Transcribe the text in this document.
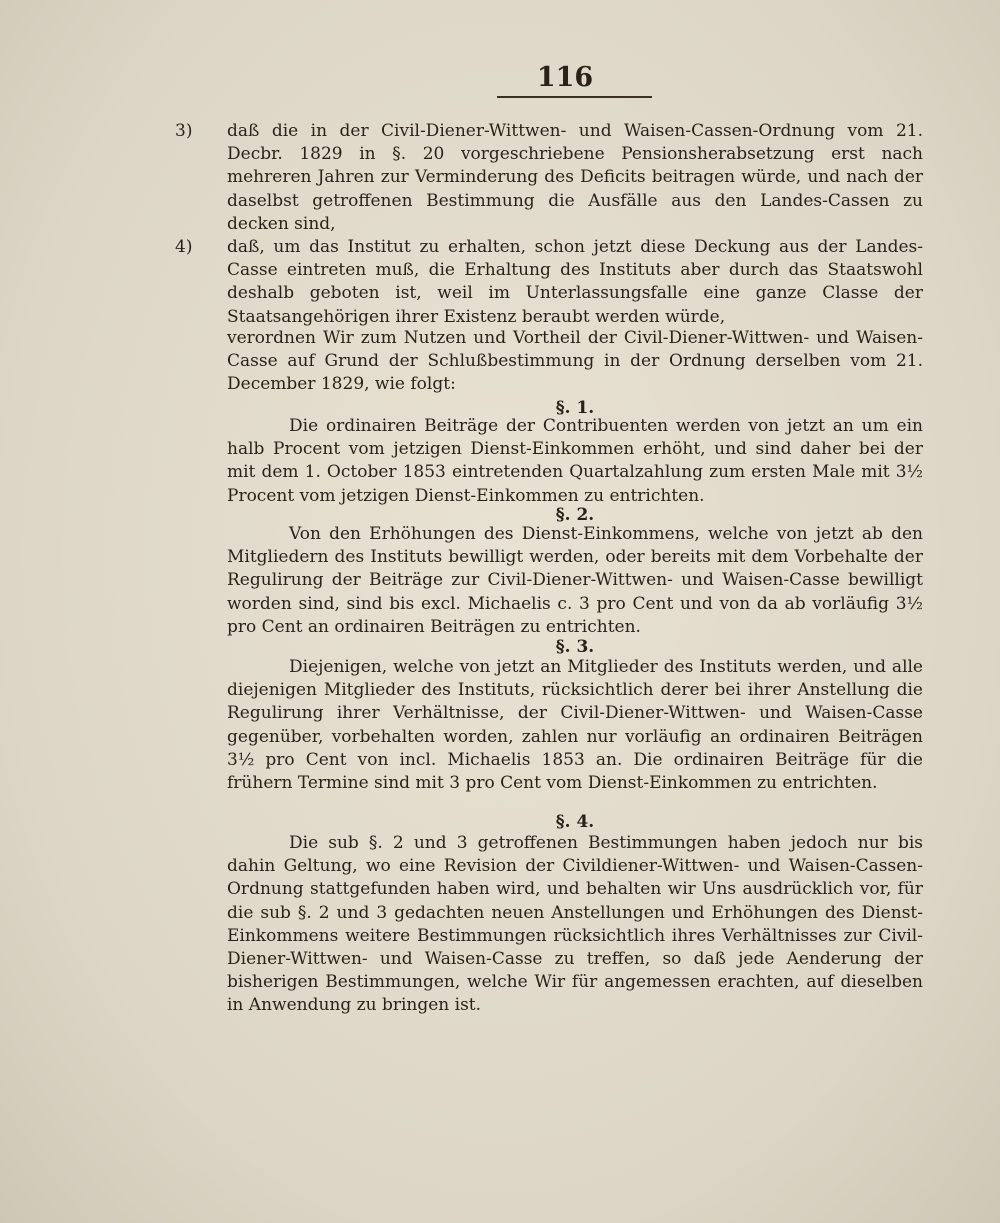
116
3) daß die in der Civil-Diener-Wittwen- und Waisen-Cassen-Ordnung vom 21. Decbr. 1829 in §. 20 vorgeschriebene Pensionsherabsetzung erst nach mehreren Jahren zur Verminderung des Deficits beitragen würde, und nach der daselbst getroffenen Bestimmung die Ausfälle aus den Landes-Cassen zu decken sind,
4) daß, um das Institut zu erhalten, schon jetzt diese Deckung aus der Landes-Casse eintreten muß, die Erhaltung des Instituts aber durch das Staatswohl deshalb geboten ist, weil im Unterlassungsfalle eine ganze Classe der Staatsangehörigen ihrer Existenz beraubt werden würde,
verordnen Wir zum Nutzen und Vortheil der Civil-Diener-Wittwen- und Waisen-Casse auf Grund der Schlußbestimmung in der Ordnung derselben vom 21. December 1829, wie folgt:
§. 1.
Die ordinairen Beiträge der Contribuenten werden von jetzt an um ein halb Procent vom jetzigen Dienst-Einkommen erhöht, und sind daher bei der mit dem 1. October 1853 eintretenden Quartalzahlung zum ersten Male mit 3½ Procent vom jetzigen Dienst-Einkommen zu entrichten.
§. 2.
Von den Erhöhungen des Dienst-Einkommens, welche von jetzt ab den Mitgliedern des Instituts bewilligt werden, oder bereits mit dem Vorbehalte der Regulirung der Beiträge zur Civil-Diener-Wittwen- und Waisen-Casse bewilligt worden sind, sind bis excl. Michaelis c. 3 pro Cent und von da ab vorläufig 3½ pro Cent an ordinairen Beiträgen zu entrichten.
§. 3.
Diejenigen, welche von jetzt an Mitglieder des Instituts werden, und alle diejenigen Mitglieder des Instituts, rücksichtlich derer bei ihrer Anstellung die Regulirung ihrer Verhältnisse, der Civil-Diener-Wittwen- und Waisen-Casse gegenüber, vorbehalten worden, zahlen nur vorläufig an ordinairen Beiträgen 3½ pro Cent von incl. Michaelis 1853 an. Die ordinairen Beiträge für die frühern Termine sind mit 3 pro Cent vom Dienst-Einkommen zu entrichten.
§. 4.
Die sub §. 2 und 3 getroffenen Bestimmungen haben jedoch nur bis dahin Geltung, wo eine Revision der Civildiener-Wittwen- und Waisen-Cassen-Ordnung stattgefunden haben wird, und behalten wir Uns ausdrücklich vor, für die sub §. 2 und 3 gedachten neuen Anstellungen und Erhöhungen des Dienst-Einkommens weitere Bestimmungen rücksichtlich ihres Verhältnisses zur Civil-Diener-Wittwen- und Waisen-Casse zu treffen, so daß jede Aenderung der bisherigen Bestimmungen, welche Wir für angemessen erachten, auf dieselben in Anwendung zu bringen ist.
